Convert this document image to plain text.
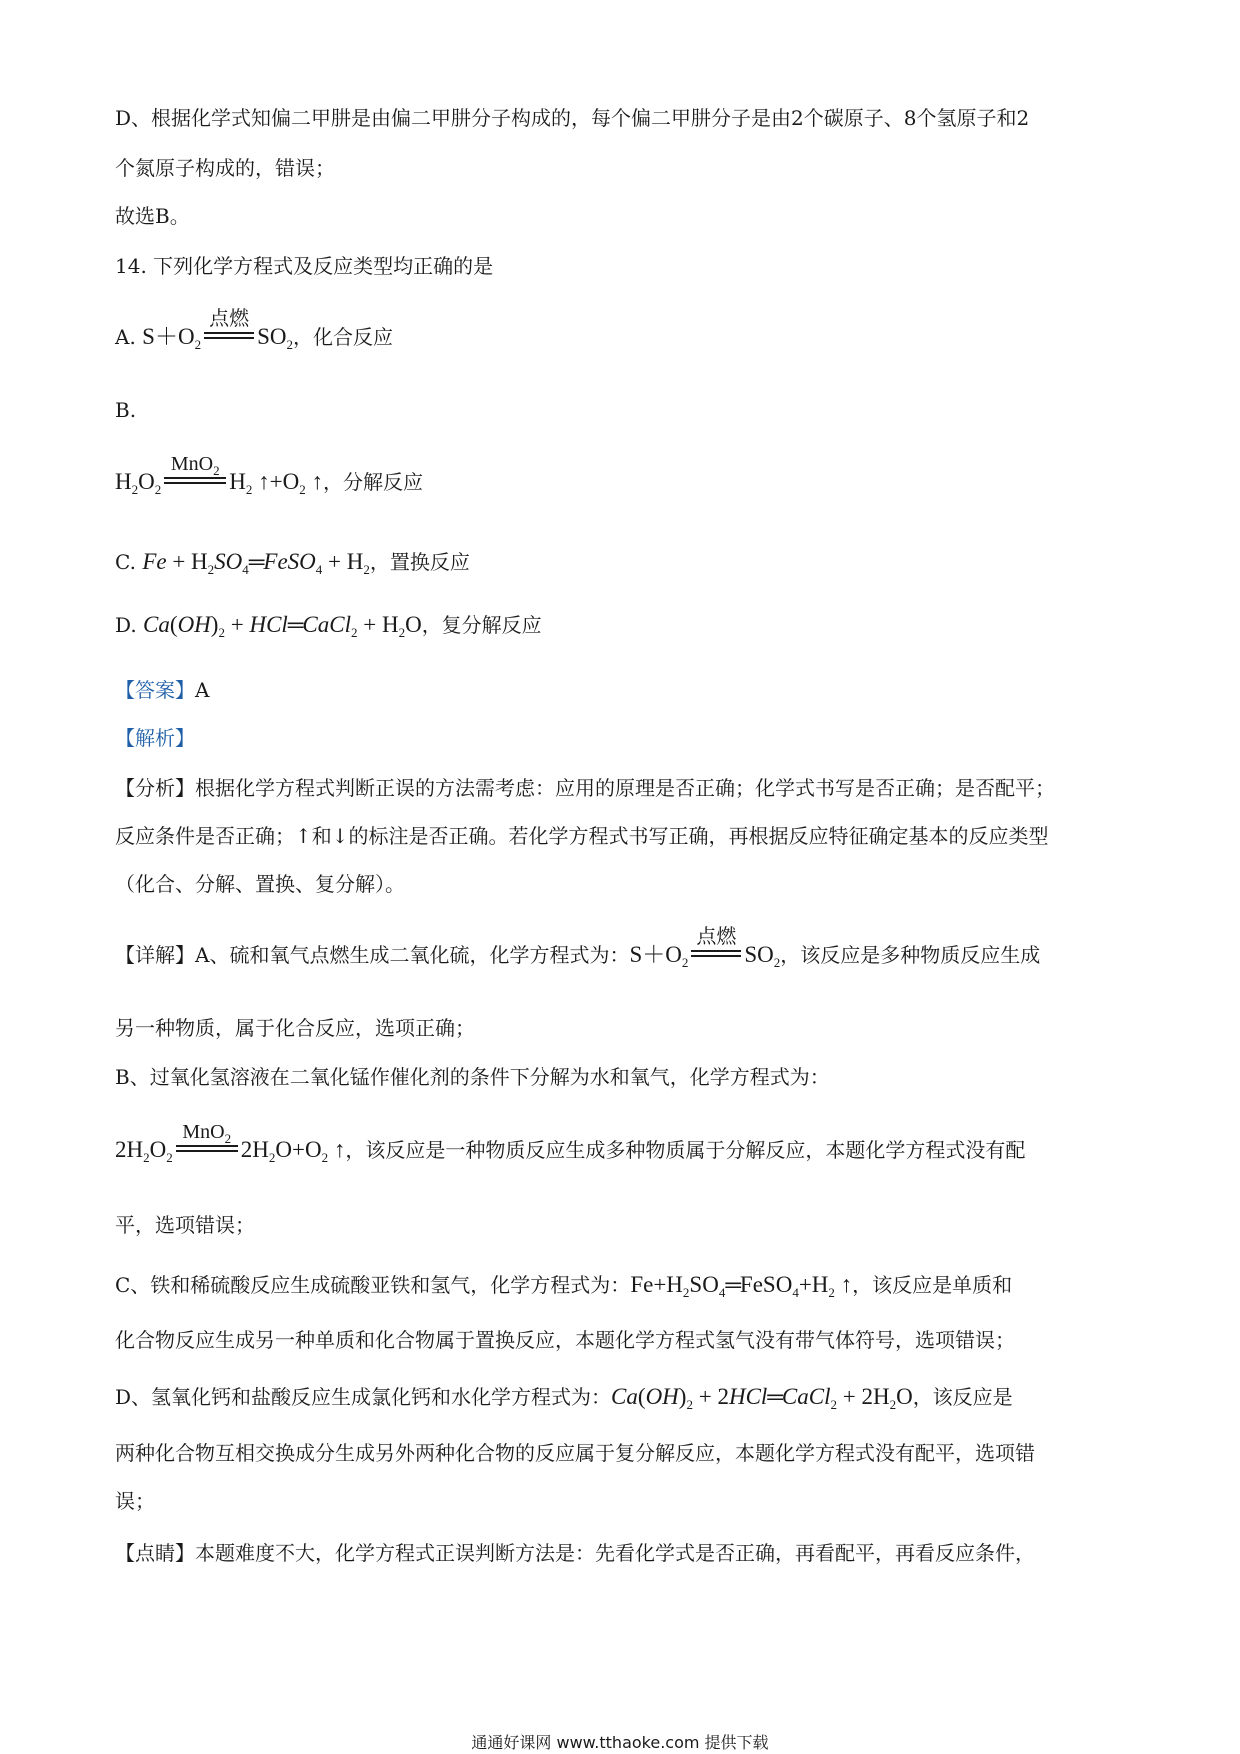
D、根据化学式知偏二甲肼是由偏二甲肼分子构成的，每个偏二甲肼分子是由2个碳原子、8个氢原子和2
个氮原子构成的，错误；
故选B。
14. 下列化学方程式及反应类型均正确的是
A. $S+O_2$
点燃
$SO_2$，化合反应
B.
$H_2O_2$
MnO$_2$ $H_2$ $↑+O_2$ ↑，分解反应
C. $Fe + H_2SO_4═FeSO_4 + H_2$，置换反应
D. $Ca(OH)_2$ + HCl═CaCl$_2$ + $H_2O$，复分解反应
【答案】A
【解析】
【分析】根据化学方程式判断正误的方法需考虑：应用的原理是否正确；化学式书写是否正确；是否配平；
反应条件是否正确；↑和↓的标注是否正确。若化学方程式书写正确，再根据反应特征确定基本的反应类型
（化合、分解、置换、复分解）。
【详解】A、硫和氧气点燃生成二氧化硫，化学方程式为：$S+O_2$
点燃
$SO_2$，该反应是多种物质反应生成
另一种物质，属于化合反应，选项正确；
B、过氧化氢溶液在二氧化锰作催化剂的条件下分解为水和氧气，化学方程式为：
$2H_2O_2$
MnO$_2$ $2H_2O+O_2$ ↑，该反应是一种物质反应生成多种物质属于分解反应，本题化学方程式没有配
平，选项错误；
C、铁和稀硫酸反应生成硫酸亚铁和氢气，化学方程式为：$Fe+H_2SO_4═FeSO_4+H_2$ ↑，该反应是单质和
化合物反应生成另一种单质和化合物属于置换反应，本题化学方程式氢气没有带气体符号，选项错误；
D、氢氧化钙和盐酸反应生成氯化钙和水化学方程式为：$Ca(OH)_2$ + 2HCl═CaCl$_2$ + $2H_2O$，该反应是
两种化合物互相交换成分生成另外两种化合物的反应属于复分解反应，本题化学方程式没有配平，选项错
误；
【点睛】本题难度不大，化学方程式正误判断方法是：先看化学式是否正确，再看配平，再看反应条件，
通通好课网 www.tthaoke.com 提供下载
